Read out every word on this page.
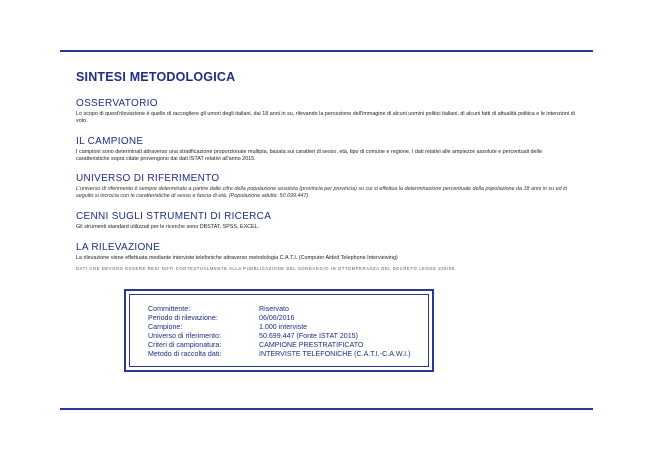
SINTESI METODOLOGICA
OSSERVATORIO

Lo scopo di quest'rilevazione è quello di raccogliere gli umori degli italiani, dai 18 anni in su, rilevando la percezione dell'immagine di alcuni uomini politici italiani, di alcuni fatti di attualità politica e le intenzioni di voto.

IL CAMPIONE

I campioni sono determinati attraverso una stratificazione proporzionale multipla, basata sui caratteri di sesso, età, tipo di comune e regione. I dati relativi alle ampiezze assolute e percentuali delle caratteristiche sopra citate provengono dai dati ISTAT relativi all'anno 2015.

UNIVERSO DI RIFERIMENTO

L'universo di riferimento è sempre determinato a partire dalle cifre della popolazione assoluta (provincia per provincia) su cui si effettua la determinazione percentuale della popolazione da 18 anni in su ed in seguito si incrocia con le caratteristiche di sesso e fascia di età. (Popolazione adulta: 50.699.447)

CENNI SUGLI STRUMENTI DI RICERCA

Gli strumenti standard utilizzati per le ricerche sono DBSTAT, SPSS, EXCEL.

LA RILEVAZIONE

La rilevazione viene effettuata mediante interviste telefoniche attraverso metodologia C.A.T.I. (Computer Aided Telephone Interviewing)

DATI CHE DEVONO ESSERE RESI NOTI CONTESTUALMENTE ALLA PUBBLICAZIONE DEL SONDAGGIO IN OTTEMPERANZA DEL DECRETO LEGGE 228/98.
Committente:	Riservato
Periodo di rilevazione:	06/06/2016
Campione:	1.000 interviste
Universo di riferimento:	50.699.447 (Fonte ISTAT 2015)
Criteri di campionatura:	CAMPIONE PRESTRATIFICATO
Metodo di raccolta dati:	INTERVISTE TELEFONICHE (C.A.T.I.-C.A.W.I.)
